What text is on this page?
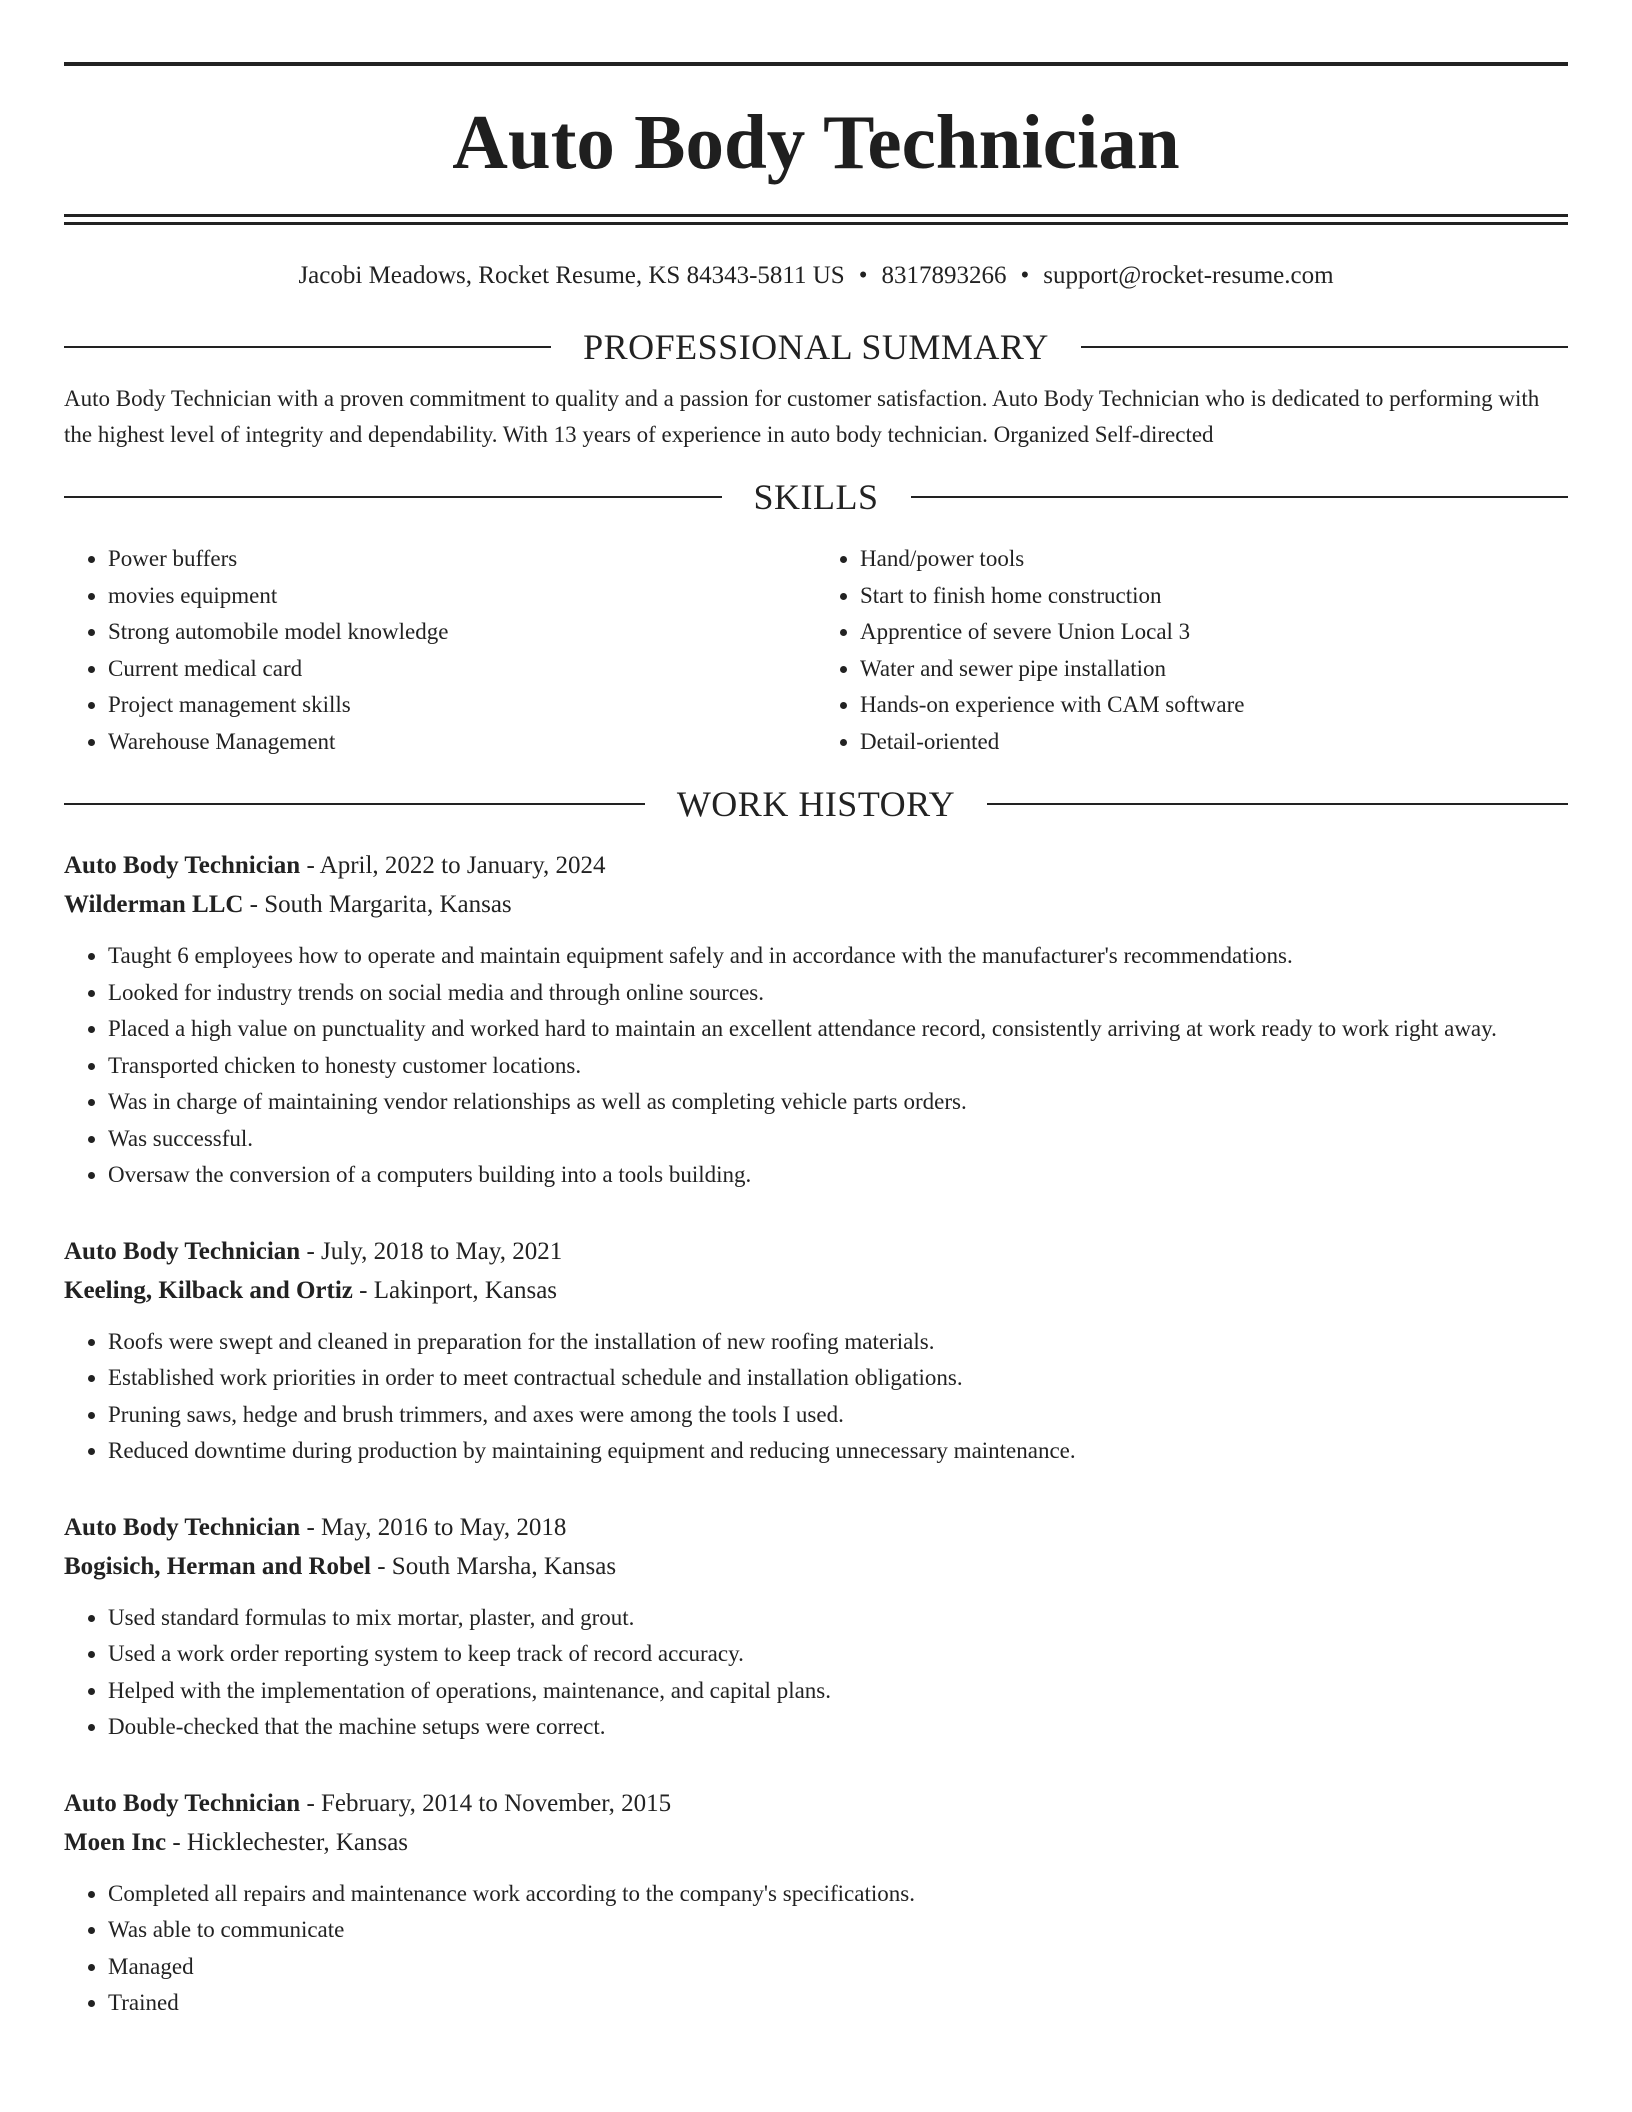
Auto Body Technician
Jacobi Meadows, Rocket Resume, KS 84343-5811 US • 8317893266 • support@rocket-resume.com
PROFESSIONAL SUMMARY

Auto Body Technician with a proven commitment to quality and a passion for customer satisfaction. Auto Body Technician who is dedicated to performing with the highest level of integrity and dependability. With 13 years of experience in auto body technician. Organized Self-directed

SKILLS
• Power buffers
• movies equipment
• Strong automobile model knowledge
• Current medical card
• Project management skills
• Warehouse Management
• Hand/power tools
• Start to finish home construction
• Apprentice of severe Union Local 3
• Water and sewer pipe installation
• Hands-on experience with CAM software
• Detail-oriented
WORK HISTORY
Auto Body Technician - April, 2022 to January, 2024
Wilderman LLC - South Margarita, Kansas
• Taught 6 employees how to operate and maintain equipment safely and in accordance with the manufacturer's recommendations.
• Looked for industry trends on social media and through online sources.
• Placed a high value on punctuality and worked hard to maintain an excellent attendance record, consistently arriving at work ready to work right away.
• Transported chicken to honesty customer locations.
• Was in charge of maintaining vendor relationships as well as completing vehicle parts orders.
• Was successful.
• Oversaw the conversion of a computers building into a tools building.
Auto Body Technician - July, 2018 to May, 2021
Keeling, Kilback and Ortiz - Lakinport, Kansas
• Roofs were swept and cleaned in preparation for the installation of new roofing materials.
• Established work priorities in order to meet contractual schedule and installation obligations.
• Pruning saws, hedge and brush trimmers, and axes were among the tools I used.
• Reduced downtime during production by maintaining equipment and reducing unnecessary maintenance.
Auto Body Technician - May, 2016 to May, 2018
Bogisich, Herman and Robel - South Marsha, Kansas
• Used standard formulas to mix mortar, plaster, and grout.
• Used a work order reporting system to keep track of record accuracy.
• Helped with the implementation of operations, maintenance, and capital plans.
• Double-checked that the machine setups were correct.
Auto Body Technician - February, 2014 to November, 2015
Moen Inc - Hicklechester, Kansas
• Completed all repairs and maintenance work according to the company's specifications.
• Was able to communicate
• Managed
• Trained
